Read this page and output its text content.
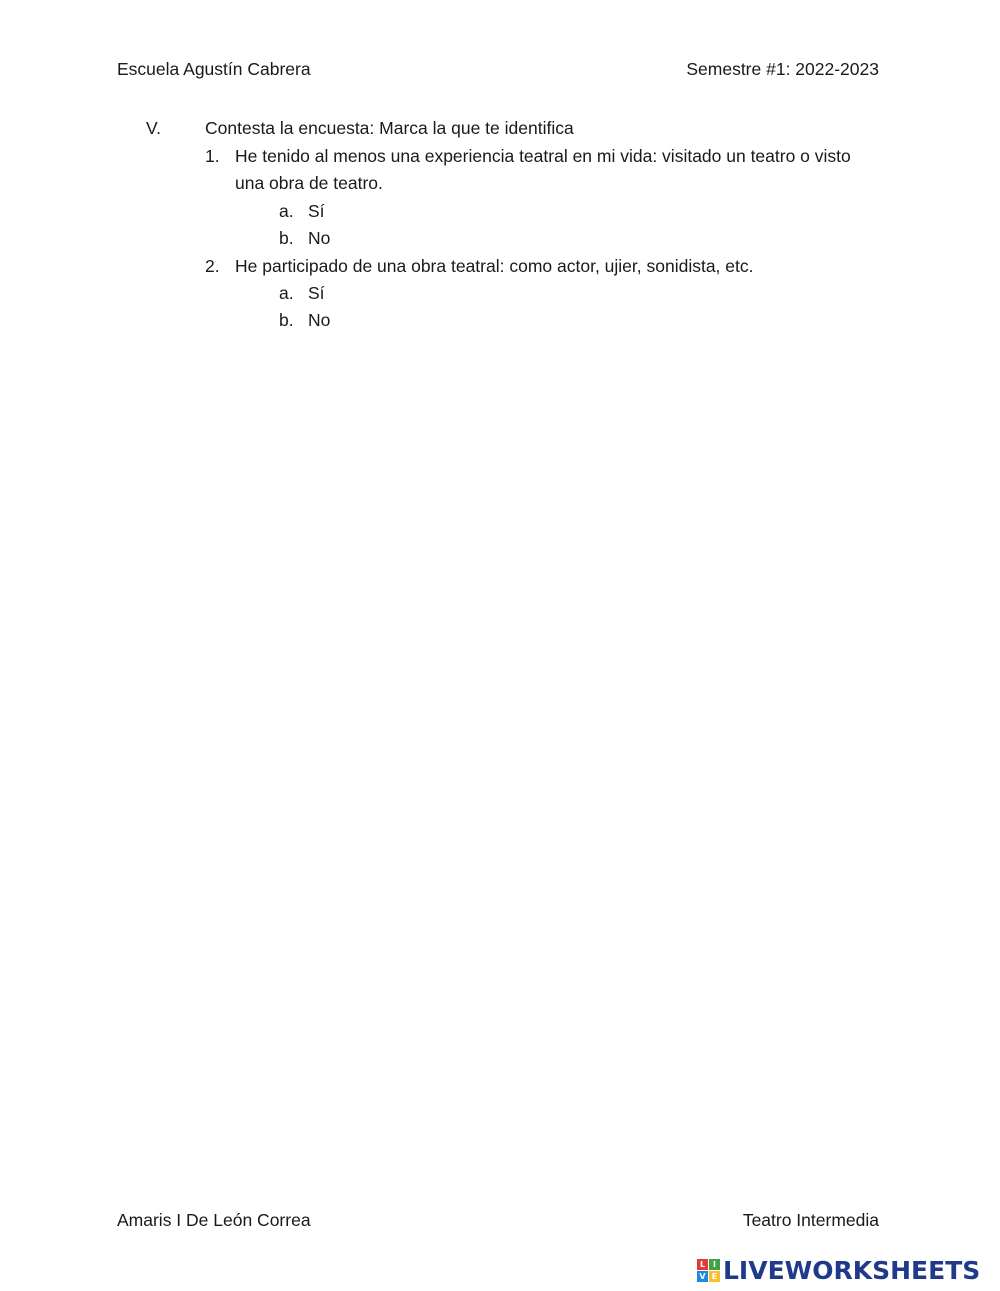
Escuela Agustín Cabrera	Semestre #1: 2022-2023
V.	Contesta la encuesta: Marca la que te identifica
1. He tenido al menos una experiencia teatral en mi vida: visitado un teatro o visto
una obra de teatro.
a. Sí
b. No
2. He participado de una obra teatral: como actor, ujier, sonidista, etc.
a. Sí
b. No
Amaris I De León Correa	Teatro Intermedia
L I
V E LIVEWORKSHEETS
